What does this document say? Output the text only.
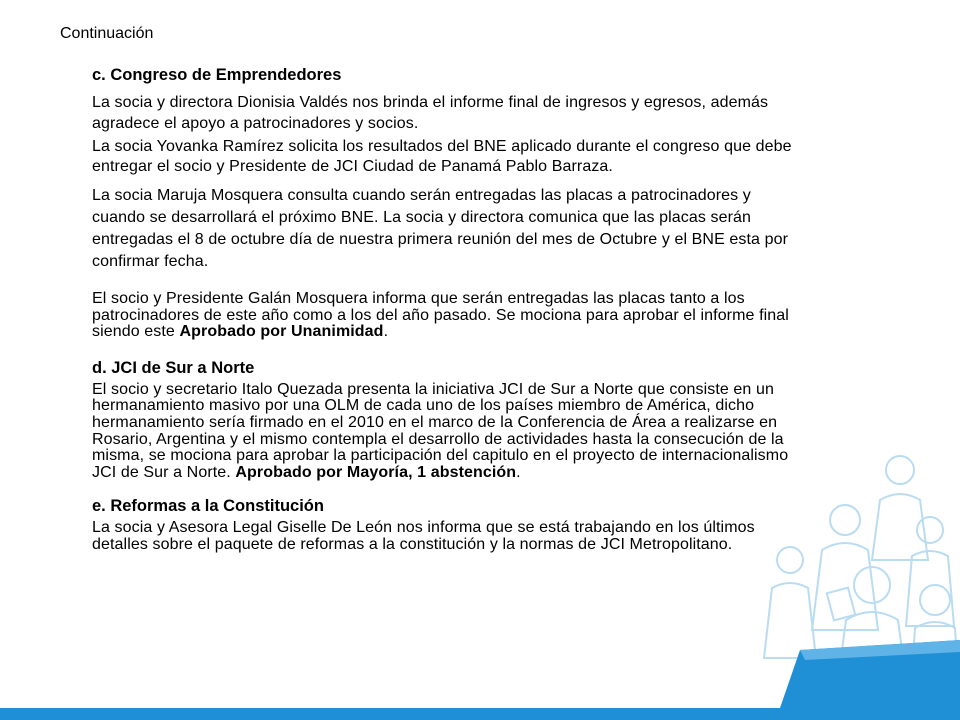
Continuación

c. Congreso de Emprendedores

La socia y directora Dionisia Valdés nos brinda el informe final de ingresos y egresos, además agradece el apoyo a patrocinadores y socios.

La socia Yovanka Ramírez solicita los resultados del BNE aplicado durante el congreso que debe entregar el socio y Presidente de JCI Ciudad de Panamá Pablo Barraza.

La socia Maruja Mosquera consulta cuando serán entregadas las placas a patrocinadores y cuando se desarrollará el próximo BNE. La socia y directora comunica que las placas serán entregadas el 8 de octubre día de nuestra primera reunión del mes de Octubre y el BNE esta por confirmar fecha.

El socio y Presidente Galán Mosquera informa que serán entregadas las placas tanto a los patrocinadores de este año como a los del año pasado. Se mociona para aprobar el informe final siendo este Aprobado por Unanimidad.

d. JCI de Sur a Norte

El socio y secretario Italo Quezada presenta la iniciativa JCI de Sur a Norte que consiste en un hermanamiento masivo por una OLM de cada uno de los países miembro de América, dicho hermanamiento sería firmado en el 2010 en el marco de la Conferencia de Área a realizarse en Rosario, Argentina y el mismo contempla el desarrollo de actividades hasta la consecución de la misma, se mociona para aprobar la participación del capitulo en el proyecto de internacionalismo JCI de Sur a Norte. Aprobado por Mayoría, 1 abstención.

e. Reformas a la Constitución

La socia y Asesora Legal Giselle De León nos informa que se está trabajando en los últimos detalles sobre el paquete de reformas a la constitución y la normas de JCI Metropolitano.
